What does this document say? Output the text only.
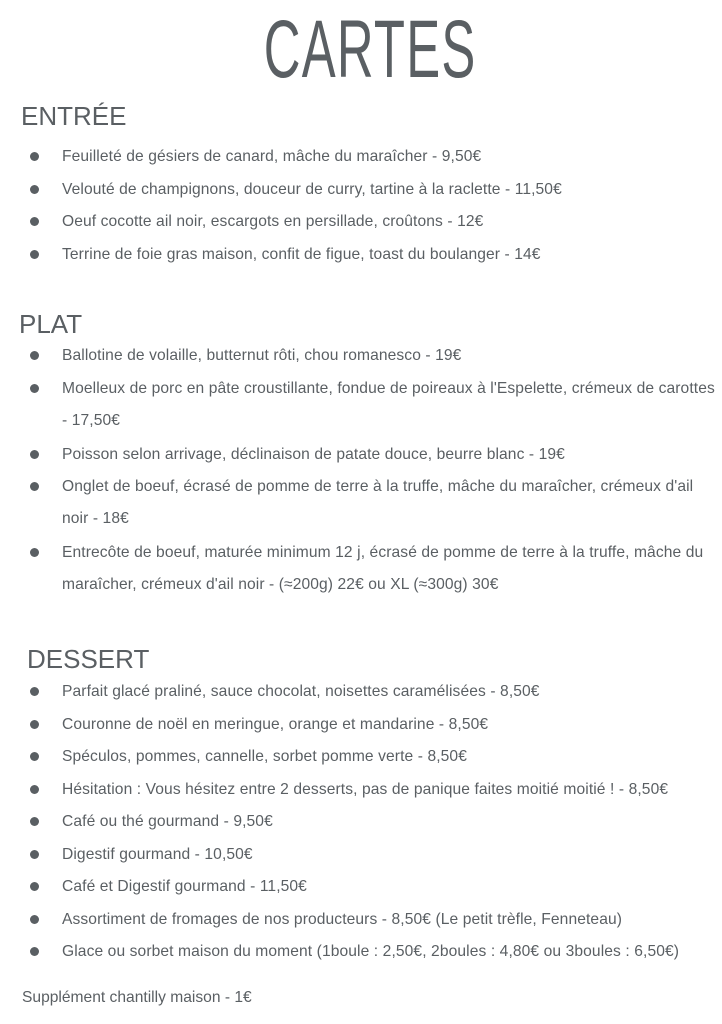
CARTES
ENTRÉE
Feuilleté de gésiers de canard, mâche du maraîcher - 9,50€
Velouté de champignons, douceur de curry, tartine à la raclette - 11,50€
Oeuf cocotte ail noir, escargots en persillade, croûtons - 12€
Terrine de foie gras maison, confit de figue, toast du boulanger - 14€
PLAT
Ballotine de volaille, butternut rôti, chou romanesco - 19€
Moelleux de porc en pâte croustillante, fondue de poireaux à l'Espelette, crémeux de carottes - 17,50€
Poisson selon arrivage, déclinaison de patate douce, beurre blanc - 19€
Onglet de boeuf, écrasé de pomme de terre à la truffe, mâche du maraîcher, crémeux d'ail noir - 18€
Entrecôte de boeuf, maturée minimum 12 j, écrasé de pomme de terre à la truffe, mâche du maraîcher, crémeux d'ail noir - (≈200g) 22€ ou XL (≈300g) 30€
DESSERT
Parfait glacé praliné, sauce chocolat, noisettes caramélisées - 8,50€
Couronne de noël en meringue, orange et mandarine - 8,50€
Spéculos, pommes, cannelle, sorbet pomme verte - 8,50€
Hésitation : Vous hésitez entre 2 desserts, pas de panique faites moitié moitié ! - 8,50€
Café ou thé gourmand - 9,50€
Digestif gourmand - 10,50€
Café et Digestif gourmand - 11,50€
Assortiment de fromages de nos producteurs - 8,50€ (Le petit trèfle, Fenneteau)
Glace ou sorbet maison du moment (1boule : 2,50€, 2boules : 4,80€ ou 3boules : 6,50€)
Supplément chantilly maison - 1€
